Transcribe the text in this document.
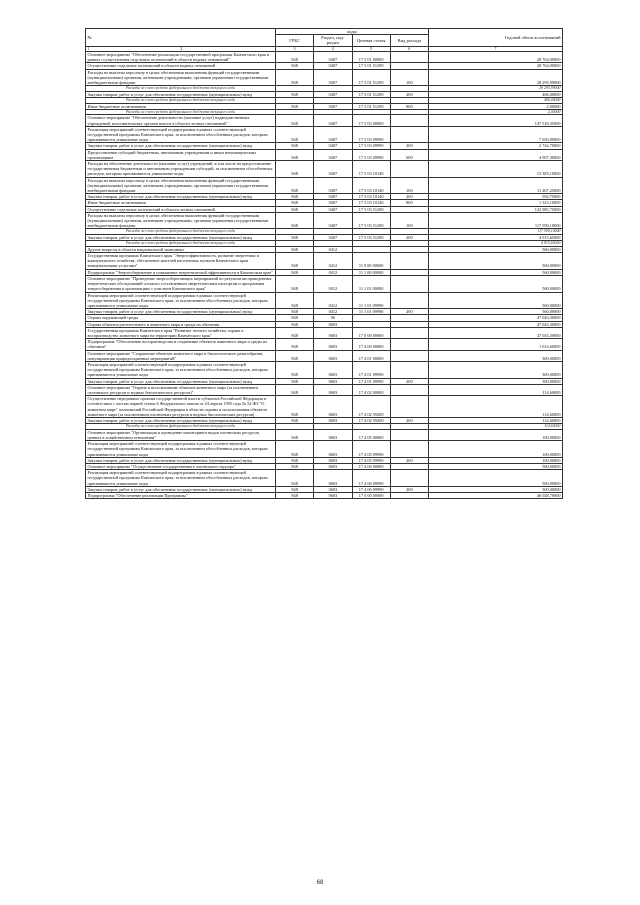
№	коды				Годовой объем ассигнований
	ГРБС	Раздел, под-раздел	Целевая статья	Вид расхода	

1 2	3	4	5	6	7
Основное мероприятие "Обеспечение реализации государственной программы Камчатского края в рамках осуществления отдельных полномочий в области водных отношений"	848	0407	17 5 01 00000		28 764,00000
Осуществление отдельных полномочий в области водных отношений	848	0407	17 5 01 51290		28 764,00000
Расходы на выплаты персоналу в целях обеспечения выполнения функций государственными (муниципальными) органами, казенными учреждениями, органами управления государственными внебюджетными фондами	848	0407	17 5 01 51290	100	28 295,99000
Расходы за счет средств федерального бюджета текущего года					28 295,99000
Закупка товаров, работ и услуг для обеспечения государственных (муниципальных) нужд	848	0407	17 5 01 51290	200	466,00000
Расходы за счет средств федерального бюджета текущего года					466,00000
Иные бюджетные ассигнования	848	0407	17 5 01 51290	800	2,00000
Расходы за счет средств федерального бюджета текущего года					2,00000
Основное мероприятие "Обеспечение деятельности (оказание услуг) подведомственных учреждений, исполнительных органов власти в области лесных отношений"	848	0407	17 5 03 00000		147 518,35000
Реализация мероприятий соответствующей подпрограммы в рамках соответствующей государственной программы Камчатского края, за исключением обособленных расходов, которым присваиваются уникальные коды	848	0407	17 5 03 09990		7 650,00000
Закупка товаров, работ и услуг для обеспечения государственных (муниципальных) нужд	848	0407	17 5 03 09990	200	2 742,70000
Предоставление субсидий бюджетным, автономным учреждениям и иным некоммерческим организациям	848	0407	17 5 03 09990	600	4 907,30000
Расходы на обеспечение деятельности (оказание услуг) учреждений, в том числе на предоставление государственным бюджетным и автономным учреждениям субсидий, за исключением обособленных расходов, которым присваиваются уникальные коды	848	0407	17 5 03 10140		13 383,10000
Расходы на выплаты персоналу в целях обеспечения выполнения функций государственными (муниципальными) органами, казенными учреждениями, органами управления государственными внебюджетными фондами	848	0407	17 5 03 10140	100	11 267,25000
Закупка товаров, работ и услуг для обеспечения государственных (муниципальных) нужд	848	0407	17 5 03 10140	200	592,75000
Иные бюджетные ассигнования	848	0407	17 5 03 10140	800	1 523,10000
Осуществление отдельных полномочий в области лесных отношений	848	0407	17 5 03 51290		122 985,75000
Расходы на выплаты персоналу в целях обеспечения выполнения функций государственными (муниципальными) органами, казенными учреждениями, органами управления государственными внебюджетными фондами	848	0407	17 5 03 51290	100	117 590,10000
Расходы за счет средств федерального бюджета текущего года					117 590,10000
Закупка товаров, работ и услуг для обеспечения государственных (муниципальных) нужд	848	0407	17 5 03 51290	200	4 915,65000
Расходы за счет средств федерального бюджета текущего года					4 915,65000
Другие вопросы в области национальной экономики	848	0412			560,00000
Государственная программа Камчатского края "Энергоэффективность, развитие энергетики и коммунального хозяйства, обеспечение жителей населенных пунктов Камчатского края коммунальными услугами"	848	0412	11 0 00 00000		560,00000
Подпрограмма "Энергосбережение и повышение энергетической эффективности в Камчатском крае"	848	0412	11 1 00 00000		560,00000
Основное мероприятие "Проведение энергосберегающих мероприятий по результатам проведенных энергетических обследований согласно составленным энергетическим паспортам и программам энергосбережения в организациях с участием Камчатского края"	848	0412	11 1 01 00000		560,00000
Реализация мероприятий соответствующей подпрограммы в рамках соответствующей государственной программы Камчатского края, за исключением обособленных расходов, которым присваиваются уникальные коды	848	0412	11 1 01 09990		560,00000
Закупка товаров, работ и услуг для обеспечения государственных (муниципальных) нужд	848	0412	11 1 01 09990	200	560,00000
Охрана окружающей среды	848	06			47 043,30000
Охрана объектов растительного и животного мира и среды их обитания	848	0603			47 043,30000
Государственная программа Камчатского края "Развитие лесного хозяйства, охрана и воспроизводство животного мира на территории Камчатского края"	848	0603	17 0 00 00000		47 043,30000
Подпрограмма "Обеспечение воспроизводства и сохранение объектов животного мира и среды их обитания"	848	0603	17 4 00 00000		1 014,60000
Основное мероприятие "Сохранение объектов животного мира и биологического разнообразия, популяризация природоохранных мероприятий"	848	0603	17 4 01 00000		300,00000
Реализация мероприятий соответствующей подпрограммы в рамках соответствующей государственной программы Камчатского края, за исключением обособленных расходов, которым присваиваются уникальные коды	848	0603	17 4 01 09990		300,00000
Закупка товаров, работ и услуг для обеспечения государственных (муниципальных) нужд	848	0603	17 4 01 09990	200	300,00000
Основное мероприятие "Охрана и использование объектов животного мира (за исключением охотничьих ресурсов и водных биологических ресурсов)"	848	0603	17 4 02 00000		114,60000
Осуществление переданных органам государственной власти субъектов Российской Федерации в соответствии с частью первой статьи 6 Федерального закона от 24 апреля 1995 года № 52-ФЗ "О животном мире" полномочий Российской Федерации в области охраны и использования объектов животного мира (за исключением охотничьих ресурсов и водных биологических ресурсов)	848	0603	17 4 02 59200		114,60000
Закупка товаров, работ и услуг для обеспечения государственных (муниципальных) нужд	848	0603	17 4 02 59200	200	114,60000
Расходы за счет средств федерального бюджета текущего года					114,60000
Основное мероприятие "Организация и проведение мониторинга видов охотничьих ресурсов, ценных в хозяйственном отношении"	848	0603	17 4 05 00000		100,00000
Реализация мероприятий соответствующей подпрограммы в рамках соответствующей государственной программы Камчатского края, за исключением обособленных расходов, которым присваиваются уникальные коды	848	0603	17 4 05 09990		100,00000
Закупка товаров, работ и услуг для обеспечения государственных (муниципальных) нужд	848	0603	17 4 05 09990	200	100,00000
Основное мероприятие "Осуществление государственного охотничьего надзора"	848	0603	17 4 06 00000		500,00000
Реализация мероприятий соответствующей подпрограммы в рамках соответствующей государственной программы Камчатского края, за исключением обособленных расходов, которым присваиваются уникальные коды	848	0603	17 4 06 09990		500,00000
Закупка товаров, работ и услуг для обеспечения государственных (муниципальных) нужд	848	0603	17 4 06 09990	200	500,00000
Подпрограмма "Обеспечение реализации Программы"	848	0603	17 5 00 00000		46 028,70000
68
